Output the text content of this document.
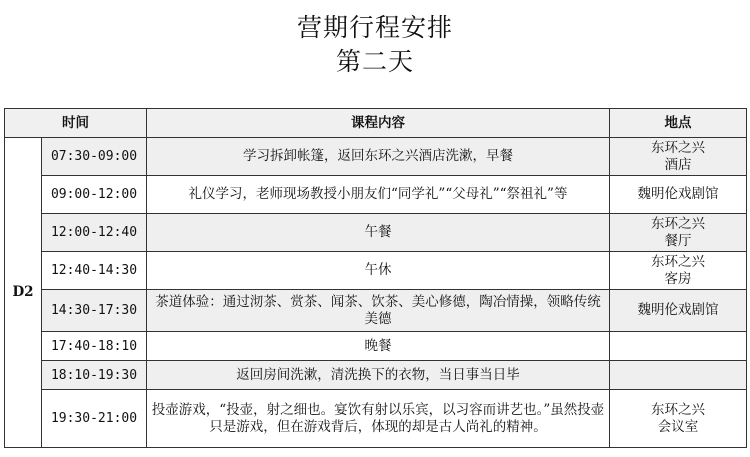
营期行程安排
第二天
时间		课程内容	地点
D2	07:30-09:00	学习拆卸帐篷，返回东环之兴酒店洗漱，早餐	东环之兴
酒店

	09:00-12:00	礼仪学习，老师现场教授小朋友们“同学礼”“父母礼”“祭祖礼”等	魏明伦戏剧馆

	12:00-12:40	午餐	东环之兴
餐厅

	12:40-14:30	午休	东环之兴
客房

	14:30-17:30	茶道体验：通过沏茶、赏茶、闻茶、饮茶、美心修德，陶冶情操，领略传统美德	魏明伦戏剧馆

	17:40-18:10	晚餐	
	18:10-19:30	返回房间洗漱，清洗换下的衣物，当日事当日毕	
	19:30-21:00	投壶游戏，“投壶，射之细也。宴饮有射以乐宾，以习容而讲艺也。”虽然投壶只是游戏，但在游戏背后，体现的却是古人尚礼的精神。	东环之兴
会议室
